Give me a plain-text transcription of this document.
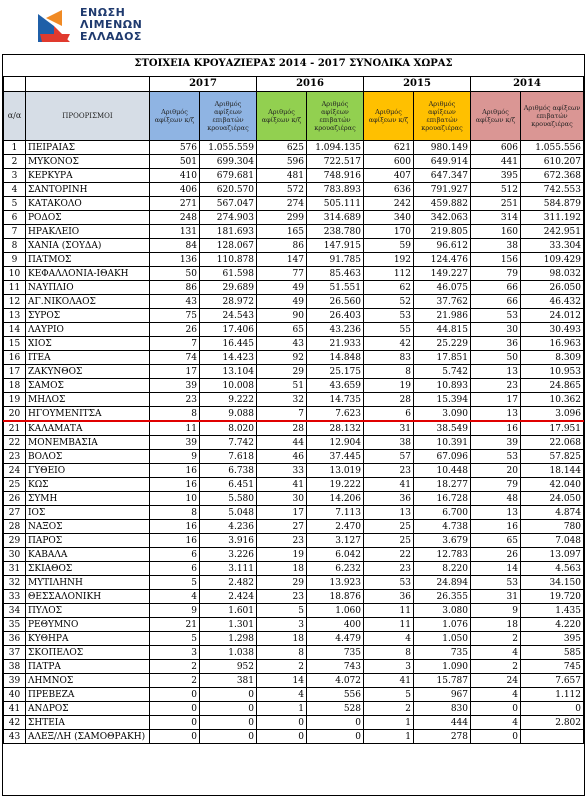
ΕΝΩΣΗ
ΛΙΜΕΝΩΝ
ΕΛΛΑΔΟΣ
ΣΤΟΙΧΕΙΑ ΚΡΟΥΑΖΙΕΡΑΣ 2014 - 2017 ΣΥΝΟΛΙΚΑ ΧΩΡΑΣ
		2017		2016		2015		2014	
α/α	ΠΡΟΟΡΙΣΜΟΙ	Αριθμός αφίξεων κ/ζ	Αριθμός αφίξεων επιβατών κρουαζιέρας	Αριθμός αφίξεων κ/ζ	Αριθμός αφίξεων επιβατών κρουαζιέρας	Αριθμός αφίξεων κ/ζ	Αριθμός αφίξεων επιβατών κρουαζιέρας	Αριθμός αφίξεων κ/ζ	Αριθμός αφίξεων επιβατών κρουαζιέρας
1	ΠΕΙΡΑΙΑΣ	576	1.055.559	625	1.094.135	621	980.149	606	1.055.556
2	ΜΥΚΟΝΟΣ	501	699.304	596	722.517	600	649.914	441	610.207
3	ΚΕΡΚΥΡΑ	410	679.681	481	748.916	407	647.347	395	672.368
4	ΣΑΝΤΟΡΙΝΗ	406	620.570	572	783.893	636	791.927	512	742.553
5	ΚΑΤΑΚΟΛΟ	271	567.047	274	505.111	242	459.882	251	584.879
6	ΡΟΔΟΣ	248	274.903	299	314.689	340	342.063	314	311.192
7	ΗΡΑΚΛΕΙΟ	131	181.693	165	238.780	170	219.805	160	242.951
8	ΧΑΝΙΑ (ΣΟΥΔΑ)	84	128.067	86	147.915	59	96.612	38	33.304
9	ΠΑΤΜΟΣ	136	110.878	147	91.785	192	124.476	156	109.429
10	ΚΕΦΑΛΛΟΝΙΑ-ΙΘΑΚΗ	50	61.598	77	85.463	112	149.227	79	98.032
11	ΝΑΥΠΛΙΟ	86	29.689	49	51.551	62	46.075	66	26.050
12	ΑΓ.ΝΙΚΟΛΑΟΣ	43	28.972	49	26.560	52	37.762	66	46.432
13	ΣΥΡΟΣ	75	24.543	90	26.403	53	21.986	53	24.012
14	ΛΑΥΡΙΟ	26	17.406	65	43.236	55	44.815	30	30.493
15	ΧΙΟΣ	7	16.445	43	21.933	42	25.229	36	16.963
16	ΙΤΕΑ	74	14.423	92	14.848	83	17.851	50	8.309
17	ΖΑΚΥΝΘΟΣ	17	13.104	29	25.175	8	5.742	13	10.953
18	ΣΑΜΟΣ	39	10.008	51	43.659	19	10.893	23	24.865
19	ΜΗΛΟΣ	23	9.222	32	14.735	28	15.394	17	10.362
20	ΗΓΟΥΜΕΝΙΤΣΑ	8	9.088	7	7.623	6	3.090	13	3.096
21	ΚΑΛΑΜΑΤΑ	11	8.020	28	28.132	31	38.549	16	17.951
22	ΜΟΝΕΜΒΑΣΙΑ	39	7.742	44	12.904	38	10.391	39	22.068
23	ΒΟΛΟΣ	9	7.618	46	37.445	57	67.096	53	57.825
24	ΓΥΘΕΙΟ	16	6.738	33	13.019	23	10.448	20	18.144
25	ΚΩΣ	16	6.451	41	19.222	41	18.277	79	42.040
26	ΣΥΜΗ	10	5.580	30	14.206	36	16.728	48	24.050
27	ΙΟΣ	8	5.048	17	7.113	13	6.700	13	4.874
28	ΝΑΞΟΣ	16	4.236	27	2.470	25	4.738	16	780
29	ΠΑΡΟΣ	16	3.916	23	3.127	25	3.679	65	7.048
30	ΚΑΒΑΛΑ	6	3.226	19	6.042	22	12.783	26	13.097
31	ΣΚΙΑΘΟΣ	6	3.111	18	6.232	23	8.220	14	4.563
32	ΜΥΤΙΛΗΝΗ	5	2.482	29	13.923	53	24.894	53	34.150
33	ΘΕΣΣΑΛΟΝΙΚΗ	4	2.424	23	18.876	36	26.355	31	19.720
34	ΠΥΛΟΣ	9	1.601	5	1.060	11	3.080	9	1.435
35	ΡΕΘΥΜΝΟ	21	1.301	3	400	11	1.076	18	4.220
36	ΚΥΘΗΡΑ	5	1.298	18	4.479	4	1.050	2	395
37	ΣΚΟΠΕΛΟΣ	3	1.038	8	735	8	735	4	585
38	ΠΑΤΡΑ	2	952	2	743	3	1.090	2	745
39	ΛΗΜΝΟΣ	2	381	14	4.072	41	15.787	24	7.657
40	ΠΡΕΒΕΖΑ	0	0	4	556	5	967	4	1.112
41	ΑΝΔΡΟΣ	0	0	1	528	2	830	0	0
42	ΣΗΤΕΙΑ	0	0	0	0	1	444	4	2.802
43	ΑΛΕΞ/ΛΗ (ΣΑΜΟΘΡΑΚΗ)	0	0	0	0	1	278	0	
